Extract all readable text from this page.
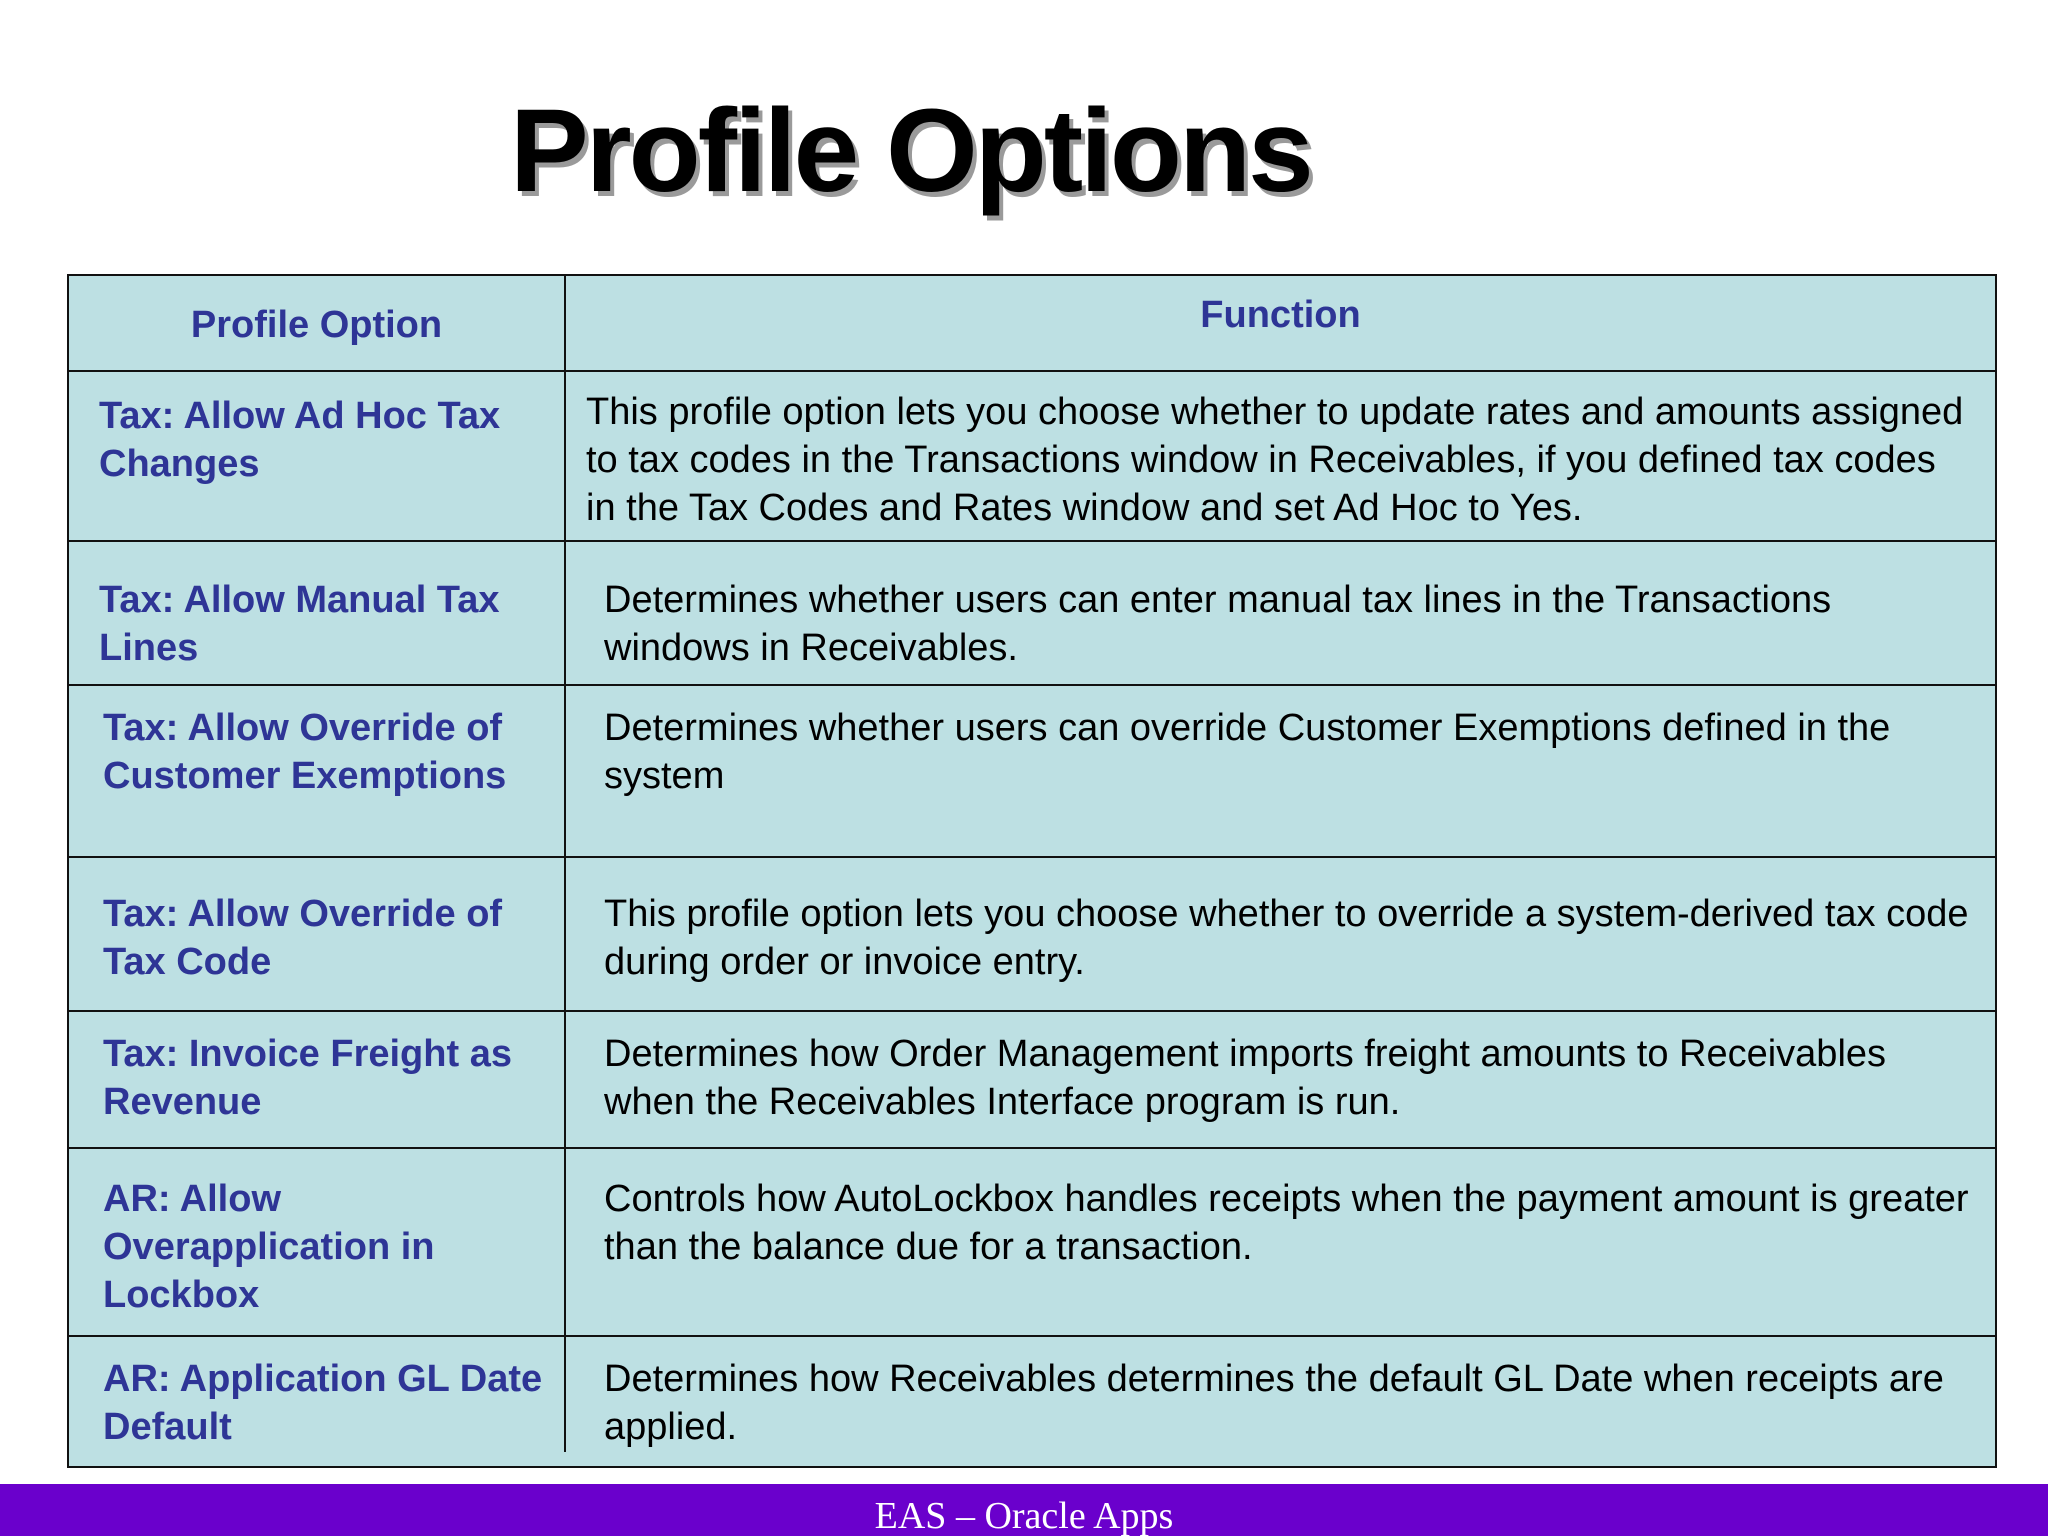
Profile Options

Profile Option	Function

Tax: Allow Ad Hoc Tax Changes

This profile option lets you choose whether to update rates and amounts assigned to tax codes in the Transactions window in Receivables, if you defined tax codes in the Tax Codes and Rates window and set Ad Hoc to Yes.

Tax: Allow Manual Tax Lines

Determines whether users can enter manual tax lines in the Transactions windows in Receivables.

Tax: Allow Override of Customer Exemptions

Determines whether users can override Customer Exemptions defined in the system

Tax: Allow Override of Tax Code

This profile option lets you choose whether to override a system-derived tax code during order or invoice entry.

Tax: Invoice Freight as Revenue

Determines how Order Management imports freight amounts to Receivables when the Receivables Interface program is run.

AR: Allow Overapplication in Lockbox

Controls how AutoLockbox handles receipts when the payment amount is greater than the balance due for a transaction.

AR: Application GL Date Default

Determines how Receivables determines the default GL Date when receipts are applied.

EAS – Oracle Apps
